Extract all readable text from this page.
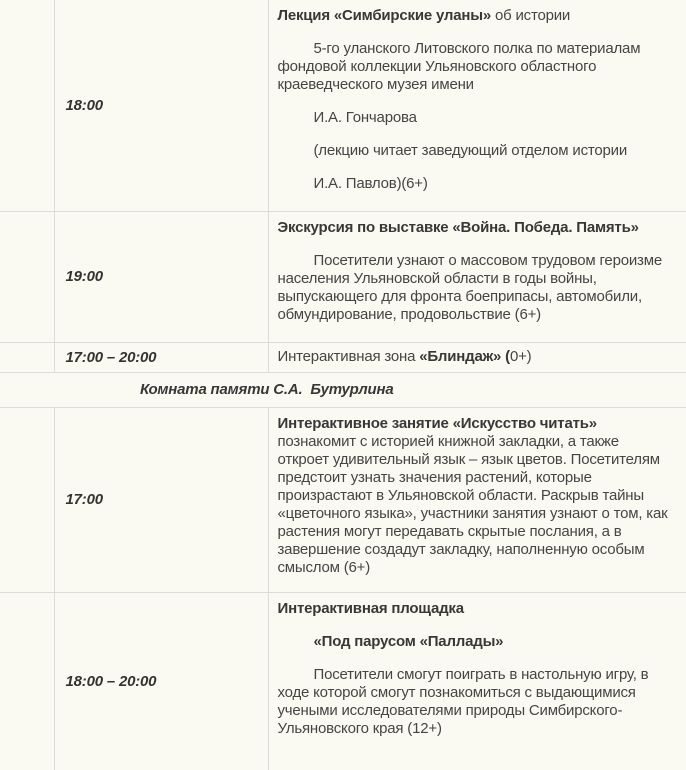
	18:00	Лекция «Симбирские уланы» об истории

5-го уланского Литовского полка по материалам фондовой коллекции Ульяновского областного краеведческого музея имени

И.А. Гончарова

(лекцию читает заведующий отделом истории

И.А. Павлов)(6+)

	19:00	Экскурсия по выставке «Война. Победа. Память»

Посетители узнают о массовом трудовом героизме населения Ульяновской области в годы войны, выпускающего для фронта боеприпасы, автомобили, обмундирование, продовольствие (6+)

	17:00 – 20:00	Интерактивная зона «Блиндаж» (0+)

Комната памяти С.А.  Бутурлина		
	17:00	Интерактивное занятие «Искусство читать» познакомит с историей книжной закладки, а также откроет удивительный язык – язык цветов. Посетителям предстоит узнать значения растений, которые произрастают в Ульяновской области. Раскрыв тайны «цветочного языка», участники занятия узнают о том, как растения могут передавать скрытые послания, а в завершение создадут закладку, наполненную особым смыслом (6+)

	18:00 – 20:00	Интерактивная площадка

«Под парусом «Паллады»

Посетители смогут поиграть в настольную игру, в ходе которой смогут познакомиться с выдающимися учеными исследователями природы Симбирского-Ульяновского края (12+)
